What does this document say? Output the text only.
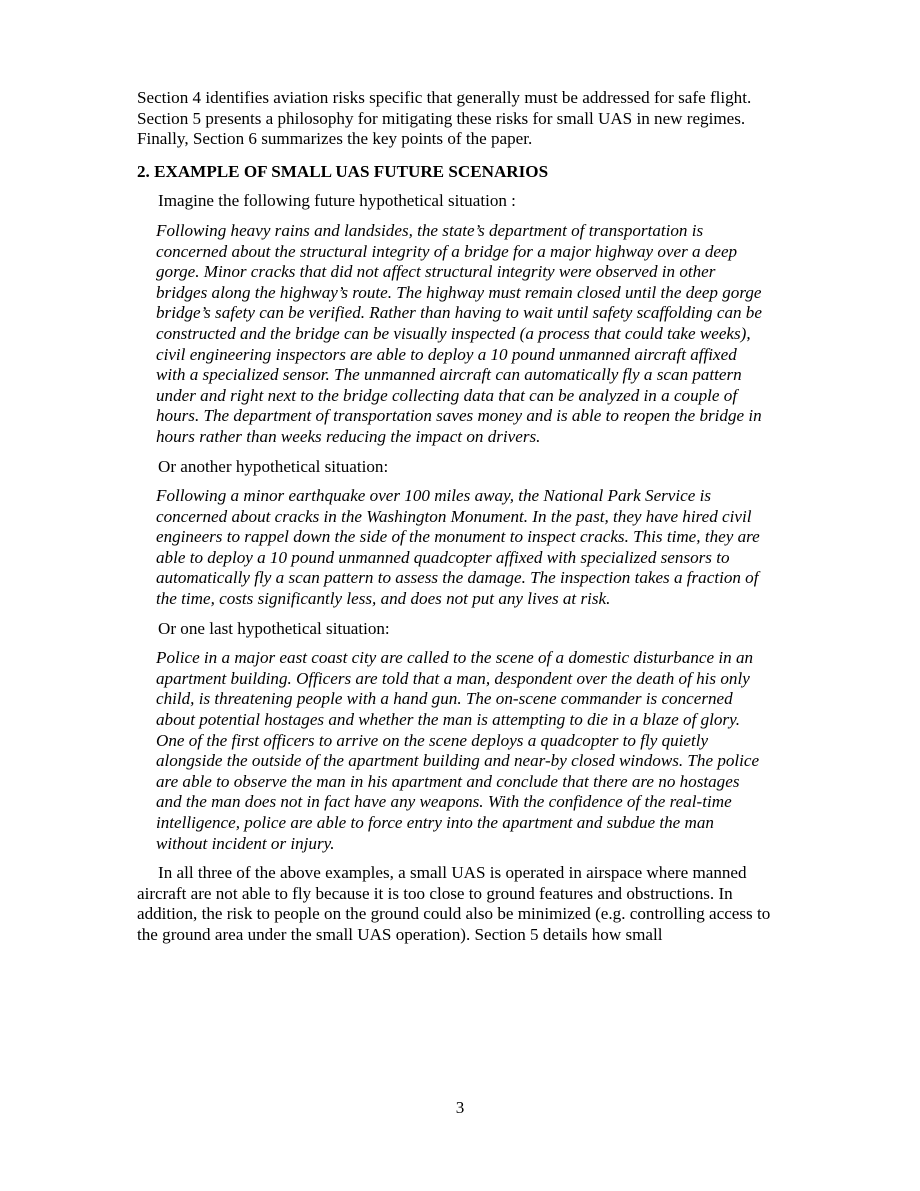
Section 4 identifies aviation risks specific that generally must be addressed for safe flight. Section 5 presents a philosophy for mitigating these risks for small UAS in new regimes. Finally, Section 6 summarizes the key points of the paper.

2. EXAMPLE OF SMALL UAS FUTURE SCENARIOS

Imagine the following future hypothetical situation :

Following heavy rains and landsides, the state’s department of transportation is concerned about the structural integrity of a bridge for a major highway over a deep gorge. Minor cracks that did not affect structural integrity were observed in other bridges along the highway’s route. The highway must remain closed until the deep gorge bridge’s safety can be verified. Rather than having to wait until safety scaffolding can be constructed and the bridge can be visually inspected (a process that could take weeks), civil engineering inspectors are able to deploy a 10 pound unmanned aircraft affixed with a specialized sensor. The unmanned aircraft can automatically fly a scan pattern under and right next to the bridge collecting data that can be analyzed in a couple of hours. The department of transportation saves money and is able to reopen the bridge in hours rather than weeks reducing the impact on drivers.

Or another hypothetical situation:

Following a minor earthquake over 100 miles away, the National Park Service is concerned about cracks in the Washington Monument. In the past, they have hired civil engineers to rappel down the side of the monument to inspect cracks. This time, they are able to deploy a 10 pound unmanned quadcopter affixed with specialized sensors to automatically fly a scan pattern to assess the damage. The inspection takes a fraction of the time, costs significantly less, and does not put any lives at risk.

Or one last hypothetical situation:

Police in a major east coast city are called to the scene of a domestic disturbance in an apartment building. Officers are told that a man, despondent over the death of his only child, is threatening people with a hand gun. The on-scene commander is concerned about potential hostages and whether the man is attempting to die in a blaze of glory. One of the first officers to arrive on the scene deploys a quadcopter to fly quietly alongside the outside of the apartment building and near-by closed windows. The police are able to observe the man in his apartment and conclude that there are no hostages and the man does not in fact have any weapons. With the confidence of the real-time intelligence, police are able to force entry into the apartment and subdue the man without incident or injury.

In all three of the above examples, a small UAS is operated in airspace where manned aircraft are not able to fly because it is too close to ground features and obstructions. In addition, the risk to people on the ground could also be minimized (e.g. controlling access to the ground area under the small UAS operation). Section 5 details how small

3
